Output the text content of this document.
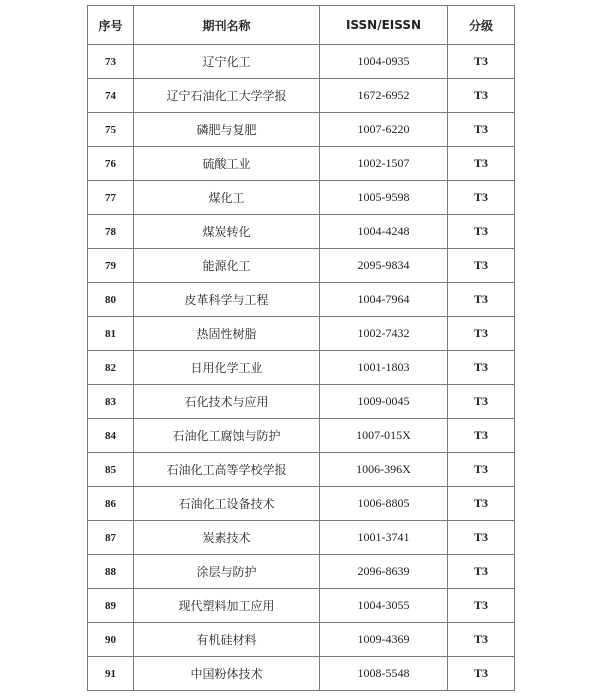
序号	期刊名称	ISSN/EISSN	分级
73	辽宁化工	1004-0935	T3
74	辽宁石油化工大学学报	1672-6952	T3
75	磷肥与复肥	1007-6220	T3
76	硫酸工业	1002-1507	T3
77	煤化工	1005-9598	T3
78	煤炭转化	1004-4248	T3
79	能源化工	2095-9834	T3
80	皮革科学与工程	1004-7964	T3
81	热固性树脂	1002-7432	T3
82	日用化学工业	1001-1803	T3
83	石化技术与应用	1009-0045	T3
84	石油化工腐蚀与防护	1007-015X	T3
85	石油化工高等学校学报	1006-396X	T3
86	石油化工设备技术	1006-8805	T3
87	炭素技术	1001-3741	T3
88	涂层与防护	2096-8639	T3
89	现代塑料加工应用	1004-3055	T3
90	有机硅材料	1009-4369	T3
91	中国粉体技术	1008-5548	T3
